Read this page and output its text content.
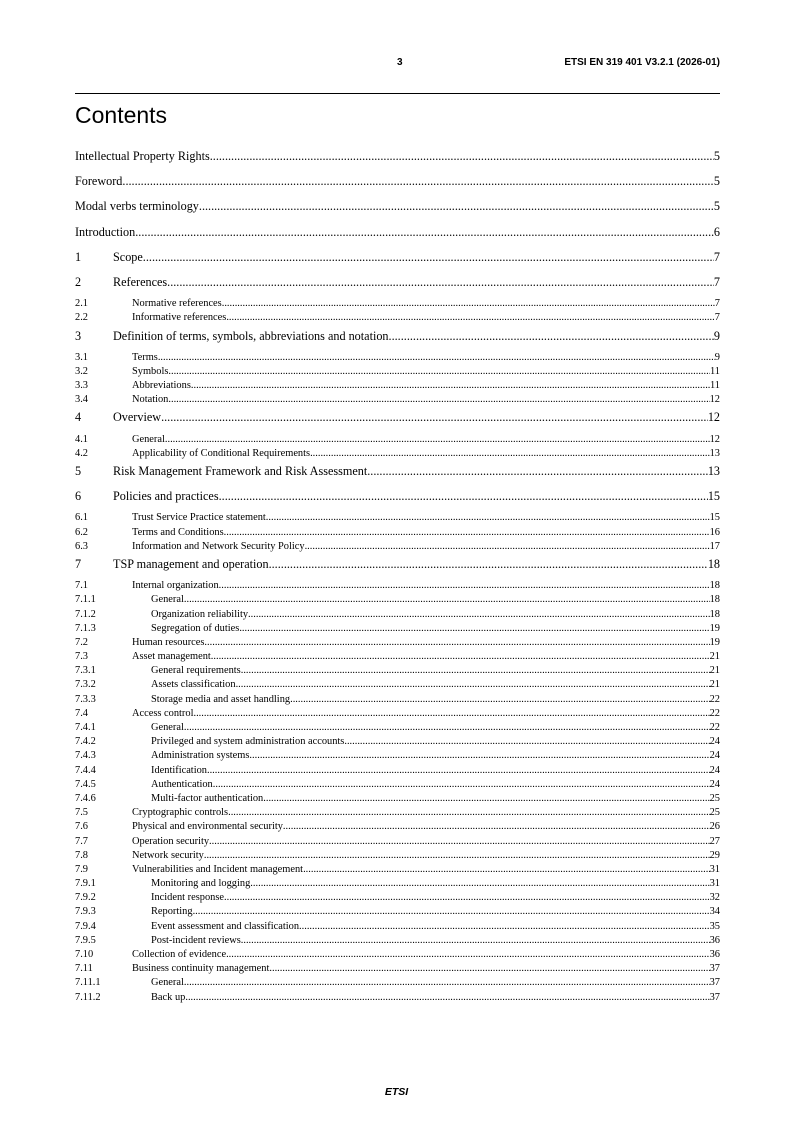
3	ETSI EN 319 401 V3.2.1 (2026-01)
Contents
Intellectual Property Rights .....	5
Foreword .....	5
Modal verbs terminology .....	5
Introduction .....	6
1	Scope .....	7
2	References .....	7
2.1	Normative references .....	7
2.2	Informative references .....	7
3	Definition of terms, symbols, abbreviations and notation .....	9
3.1	Terms .....	9
3.2	Symbols .....	11
3.3	Abbreviations .....	11
3.4	Notation .....	12
4	Overview .....	12
4.1	General .....	12
4.2	Applicability of Conditional Requirements .....	13
5	Risk Management Framework and Risk Assessment .....	13
6	Policies and practices .....	15
6.1	Trust Service Practice statement .....	15
6.2	Terms and Conditions .....	16
6.3	Information and Network Security Policy .....	17
7	TSP management and operation .....	18
7.1	Internal organization .....	18
7.1.1	General .....	18
7.1.2	Organization reliability .....	18
7.1.3	Segregation of duties .....	19
7.2	Human resources .....	19
7.3	Asset management .....	21
7.3.1	General requirements .....	21
7.3.2	Assets classification .....	21
7.3.3	Storage media and asset handling .....	22
7.4	Access control .....	22
7.4.1	General .....	22
7.4.2	Privileged and system administration accounts .....	24
7.4.3	Administration systems .....	24
7.4.4	Identification .....	24
7.4.5	Authentication .....	24
7.4.6	Multi-factor authentication .....	25
7.5	Cryptographic controls .....	25
7.6	Physical and environmental security .....	26
7.7	Operation security .....	27
7.8	Network security .....	29
7.9	Vulnerabilities and Incident management .....	31
7.9.1	Monitoring and logging .....	31
7.9.2	Incident response .....	32
7.9.3	Reporting .....	34
7.9.4	Event assessment and classification .....	35
7.9.5	Post-incident reviews .....	36
7.10	Collection of evidence .....	36
7.11	Business continuity management .....	37
7.11.1	General .....	37
7.11.2	Back up .....	37
ETSI
